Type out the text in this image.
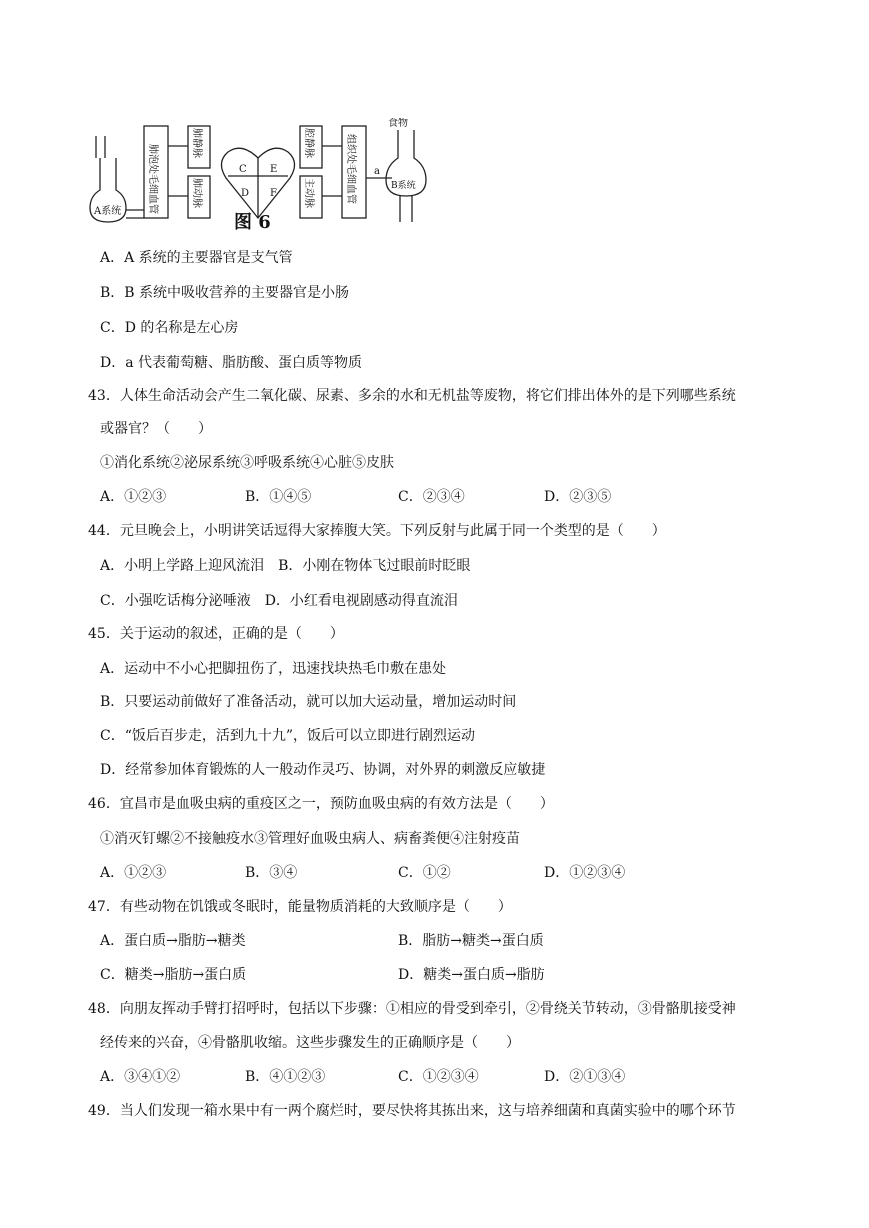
A系统	肺泡处毛细血管
肺静脉
肺动脉
C E
D F
腔静脉
主动脉	组织处毛细血管 a
食物
B系统
图 6
A．A 系统的主要器官是支气管
B．B 系统中吸收营养的主要器官是小肠
C．D 的名称是左心房
D．a 代表葡萄糖、脂肪酸、蛋白质等物质
43．人体生命活动会产生二氧化碳、尿素、多余的水和无机盐等废物，将它们排出体外的是下列哪些系统
或器官？（　　）
①消化系统②泌尿系统③呼吸系统④心脏⑤皮肤
A．①②③	B．①④⑤	C．②③④	D．②③⑤
44．元旦晚会上，小明讲笑话逗得大家捧腹大笑。下列反射与此属于同一个类型的是（　　）
A．小明上学路上迎风流泪　B．小刚在物体飞过眼前时眨眼
C．小强吃话梅分泌唾液　D．小红看电视剧感动得直流泪
45．关于运动的叙述，正确的是（　　）
A．运动中不小心把脚扭伤了，迅速找块热毛巾敷在患处
B．只要运动前做好了准备活动，就可以加大运动量，增加运动时间
C．“饭后百步走，活到九十九”，饭后可以立即进行剧烈运动
D．经常参加体育锻炼的人一般动作灵巧、协调，对外界的刺激反应敏捷
46．宜昌市是血吸虫病的重疫区之一，预防血吸虫病的有效方法是（　　）
①消灭钉螺②不接触疫水③管理好血吸虫病人、病畜粪便④注射疫苗
A．①②③	B．③④	C．①②	D．①②③④
47．有些动物在饥饿或冬眠时，能量物质消耗的大致顺序是（　　）
A．蛋白质→脂肪→糖类	B．脂肪→糖类→蛋白质
C．糖类→脂肪→蛋白质	D．糖类→蛋白质→脂肪
48．向朋友挥动手臂打招呼时，包括以下步骤：①相应的骨受到牵引，②骨绕关节转动，③骨骼肌接受神
经传来的兴奋，④骨骼肌收缩。这些步骤发生的正确顺序是（　　）
A．③④①②	B．④①②③	C．①②③④	D．②①③④
49．当人们发现一箱水果中有一两个腐烂时，要尽快将其拣出来，这与培养细菌和真菌实验中的哪个环节
